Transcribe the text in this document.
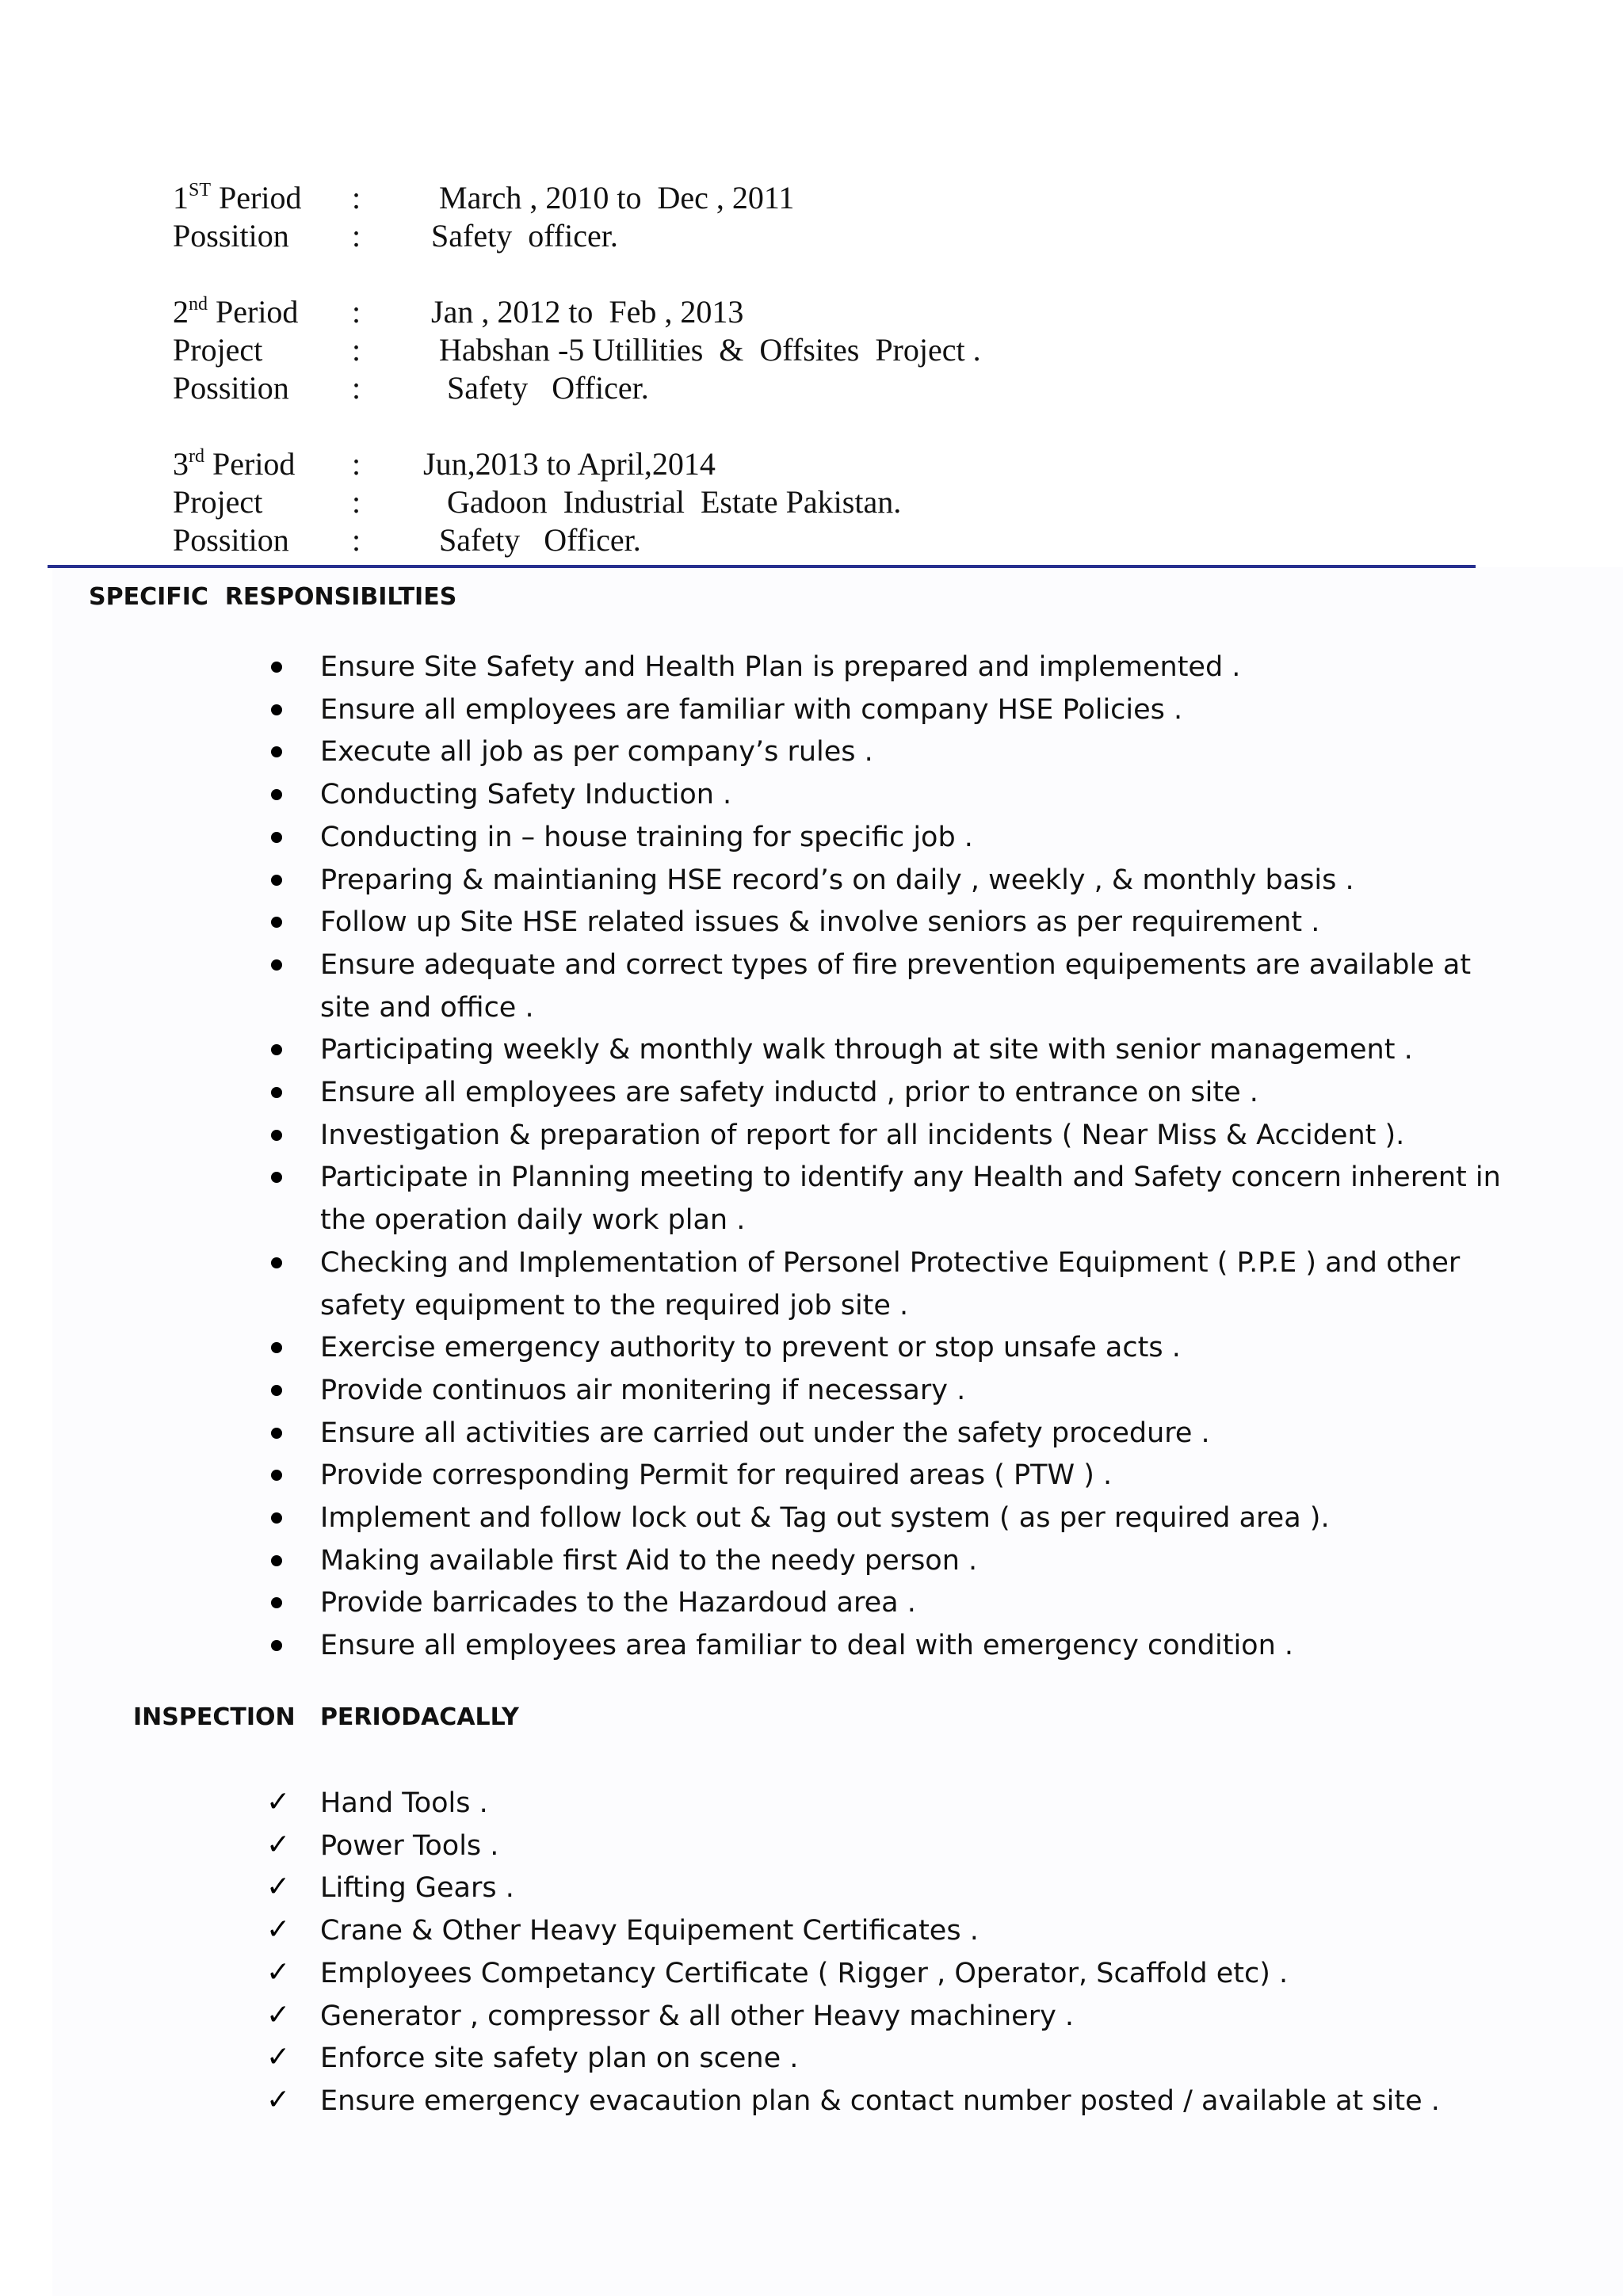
1ST Period	:	March , 2010 to  Dec , 2011
Possition	:	Safety  officer.
2nd Period	:	Jan , 2012 to  Feb , 2013
Project	:	Habshan -5 Utillities  &  Offsites  Project .
Possition	:	Safety   Officer.
3rd Period	:	Jun,2013 to April,2014
Project	:	Gadoon  Industrial  Estate Pakistan.
Possition	:	Safety   Officer.
SPECIFIC  RESPONSIBILTIES
Ensure Site Safety and Health Plan is prepared and implemented .
Ensure all employees are familiar with company HSE Policies .
Execute all job as per company’s rules .
Conducting Safety Induction .
Conducting in – house training for specific job .
Preparing & maintianing HSE record’s on daily , weekly , & monthly basis .
Follow up Site HSE related issues & involve seniors as per requirement .
Ensure adequate and correct types of fire prevention equipements are available at site and office .
Participating weekly & monthly walk through at site with senior management .
Ensure all employees are safety inductd , prior to entrance on site .
Investigation & preparation of report for all incidents ( Near Miss & Accident ).
Participate in Planning meeting to identify any Health and Safety concern inherent in the operation daily work plan .
Checking and Implementation of Personel Protective Equipment ( P.P.E ) and other safety equipment to the required job site .
Exercise emergency authority to prevent or stop unsafe acts .
Provide continuos air monitering if necessary .
Ensure all activities are carried out under the safety procedure .
Provide corresponding Permit for required areas ( PTW ) .
Implement and follow lock out & Tag out system ( as per required area ).
Making available first Aid to the needy person .
Provide barricades to the Hazardoud area .
Ensure all employees area familiar to deal with emergency condition .
INSPECTION   PERIODACALLY
✓ Hand Tools .
✓ Power Tools .
✓ Lifting Gears .
✓ Crane & Other Heavy Equipement Certificates .
✓ Employees Competancy Certificate ( Rigger , Operator, Scaffold etc) .
✓ Generator , compressor & all other Heavy machinery .
✓ Enforce site safety plan on scene .
✓ Ensure emergency evacaution plan & contact number posted / available at site .
